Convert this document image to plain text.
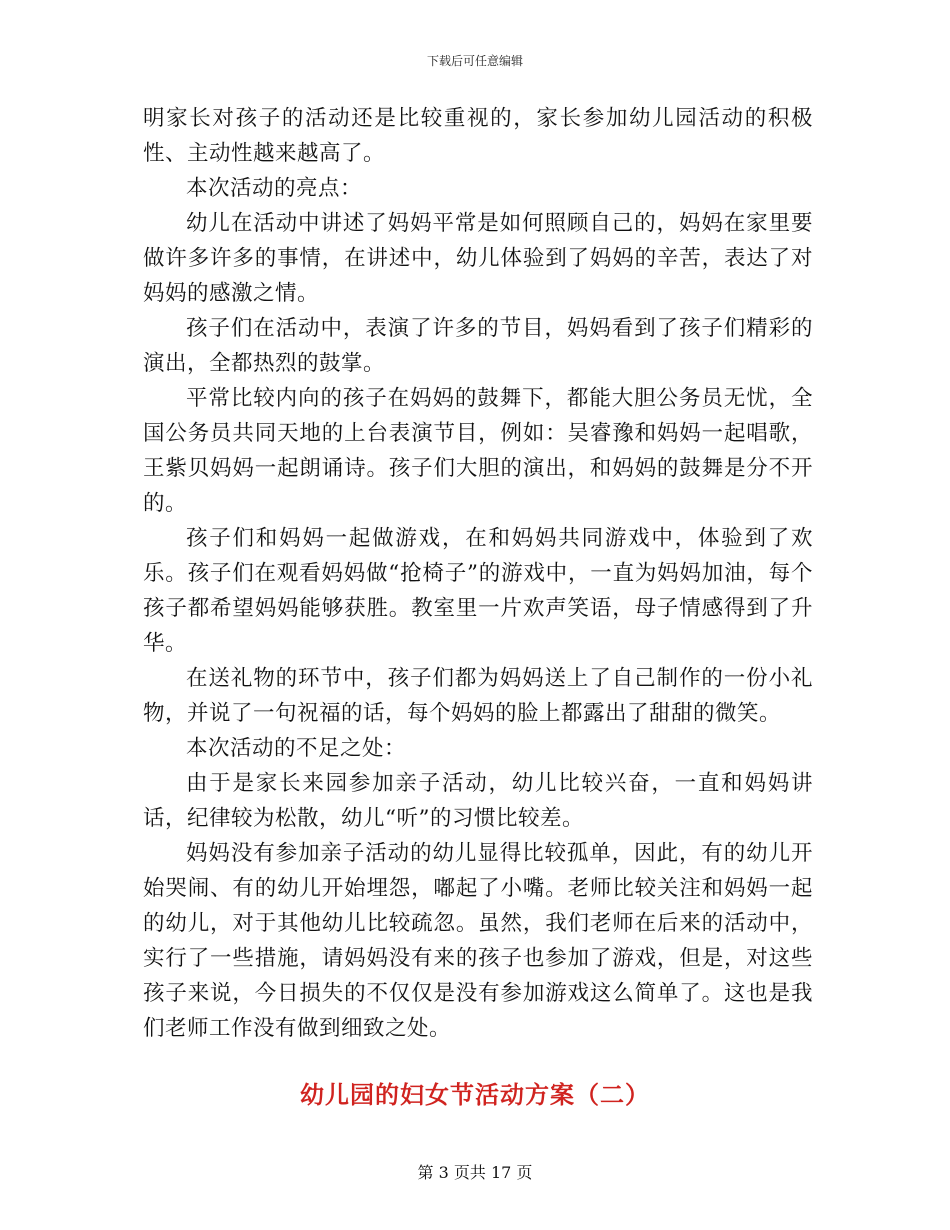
下载后可任意编辑

明家长对孩子的活动还是比较重视的，家长参加幼儿园活动的积极性、主动性越来越高了。

本次活动的亮点：

幼儿在活动中讲述了妈妈平常是如何照顾自己的，妈妈在家里要做许多许多的事情，在讲述中，幼儿体验到了妈妈的辛苦，表达了对妈妈的感激之情。

孩子们在活动中，表演了许多的节目，妈妈看到了孩子们精彩的演出，全都热烈的鼓掌。

平常比较内向的孩子在妈妈的鼓舞下，都能大胆公务员无忧，全国公务员共同天地的上台表演节目，例如：吴睿豫和妈妈一起唱歌，王紫贝妈妈一起朗诵诗。孩子们大胆的演出，和妈妈的鼓舞是分不开的。

孩子们和妈妈一起做游戏，在和妈妈共同游戏中，体验到了欢乐。孩子们在观看妈妈做“抢椅子”的游戏中，一直为妈妈加油，每个孩子都希望妈妈能够获胜。教室里一片欢声笑语，母子情感得到了升华。

在送礼物的环节中，孩子们都为妈妈送上了自己制作的一份小礼物，并说了一句祝福的话，每个妈妈的脸上都露出了甜甜的微笑。

本次活动的不足之处：

由于是家长来园参加亲子活动，幼儿比较兴奋，一直和妈妈讲话，纪律较为松散，幼儿“听”的习惯比较差。

妈妈没有参加亲子活动的幼儿显得比较孤单，因此，有的幼儿开始哭闹、有的幼儿开始埋怨，嘟起了小嘴。老师比较关注和妈妈一起的幼儿，对于其他幼儿比较疏忽。虽然，我们老师在后来的活动中，实行了一些措施，请妈妈没有来的孩子也参加了游戏，但是，对这些孩子来说，今日损失的不仅仅是没有参加游戏这么简单了。这也是我们老师工作没有做到细致之处。

幼儿园的妇女节活动方案（二）
第 3 页共 17 页
